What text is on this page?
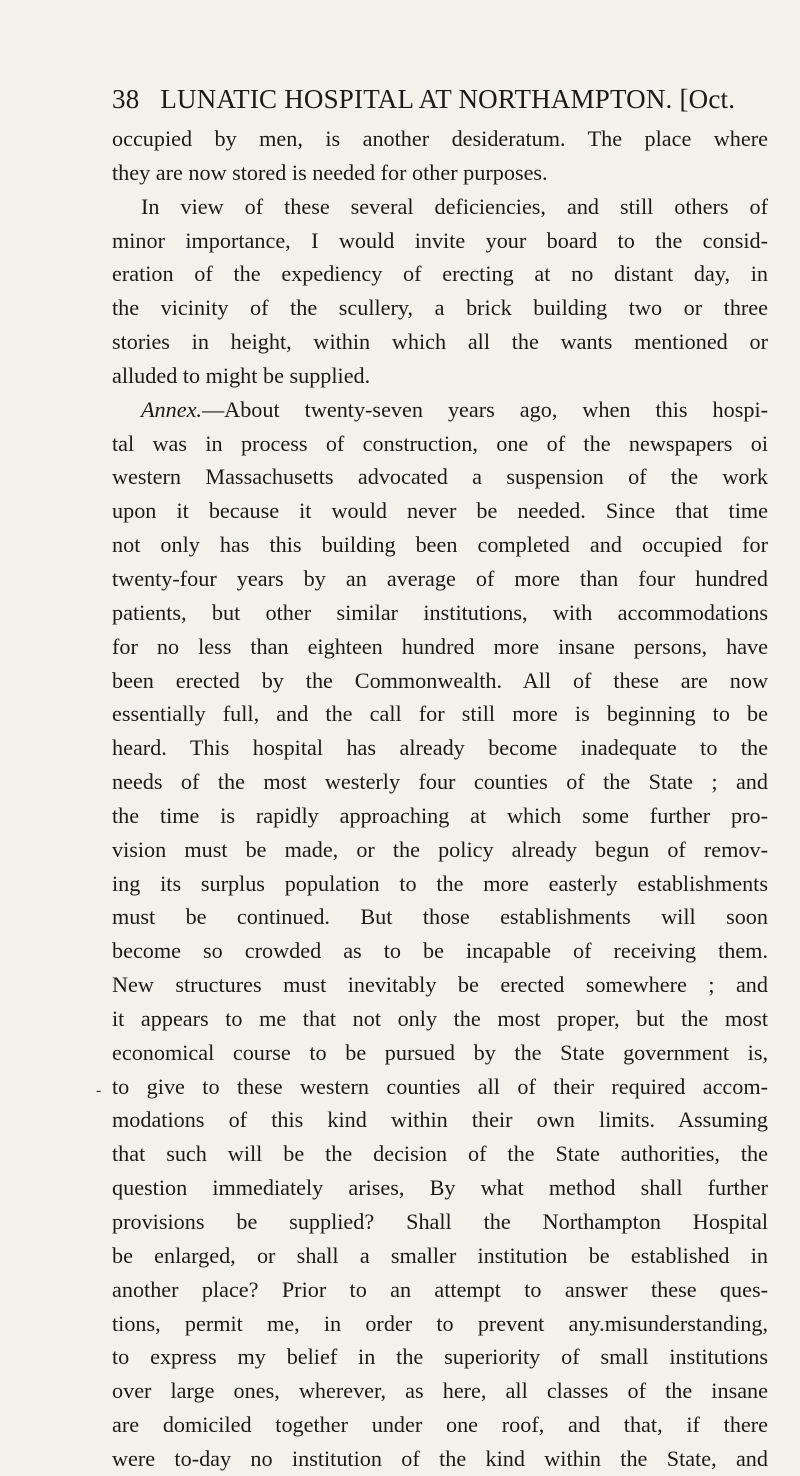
38 LUNATIC HOSPITAL AT NORTHAMPTON. [Oct.
occupied by men, is another desideratum. The place where
they are now stored is needed for other purposes.
In view of these several deficiencies, and still others of
minor importance, I would invite your board to the consid-
eration of the expediency of erecting at no distant day, in
the vicinity of the scullery, a brick building two or three
stories in height, within which all the wants mentioned or
alluded to might be supplied.
Annex.—About twenty-seven years ago, when this hospi-
tal was in process of construction, one of the newspapers oi
western Massachusetts advocated a suspension of the work
upon it because it would never be needed. Since that time
not only has this building been completed and occupied for
twenty-four years by an average of more than four hundred
patients, but other similar institutions, with accommodations
for no less than eighteen hundred more insane persons, have
been erected by the Commonwealth. All of these are now
essentially full, and the call for still more is beginning to be
heard. This hospital has already become inadequate to the
needs of the most westerly four counties of the State ; and
the time is rapidly approaching at which some further pro-
vision must be made, or the policy already begun of remov-
ing its surplus population to the more easterly establishments
must be continued. But those establishments will soon
become so crowded as to be incapable of receiving them.
New structures must inevitably be erected somewhere ; and
it appears to me that not only the most proper, but the most
economical course to be pursued by the State government is,
to give to these western counties all of their required accom-
modations of this kind within their own limits. Assuming
that such will be the decision of the State authorities, the
question immediately arises, By what method shall further
provisions be supplied? Shall the Northampton Hospital
be enlarged, or shall a smaller institution be established in
another place? Prior to an attempt to answer these ques-
tions, permit me, in order to prevent any.misunderstanding,
to express my belief in the superiority of small institutions
over large ones, wherever, as here, all classes of the insane
are domiciled together under one roof, and that, if there
were to-day no institution of the kind within the State, and
-
